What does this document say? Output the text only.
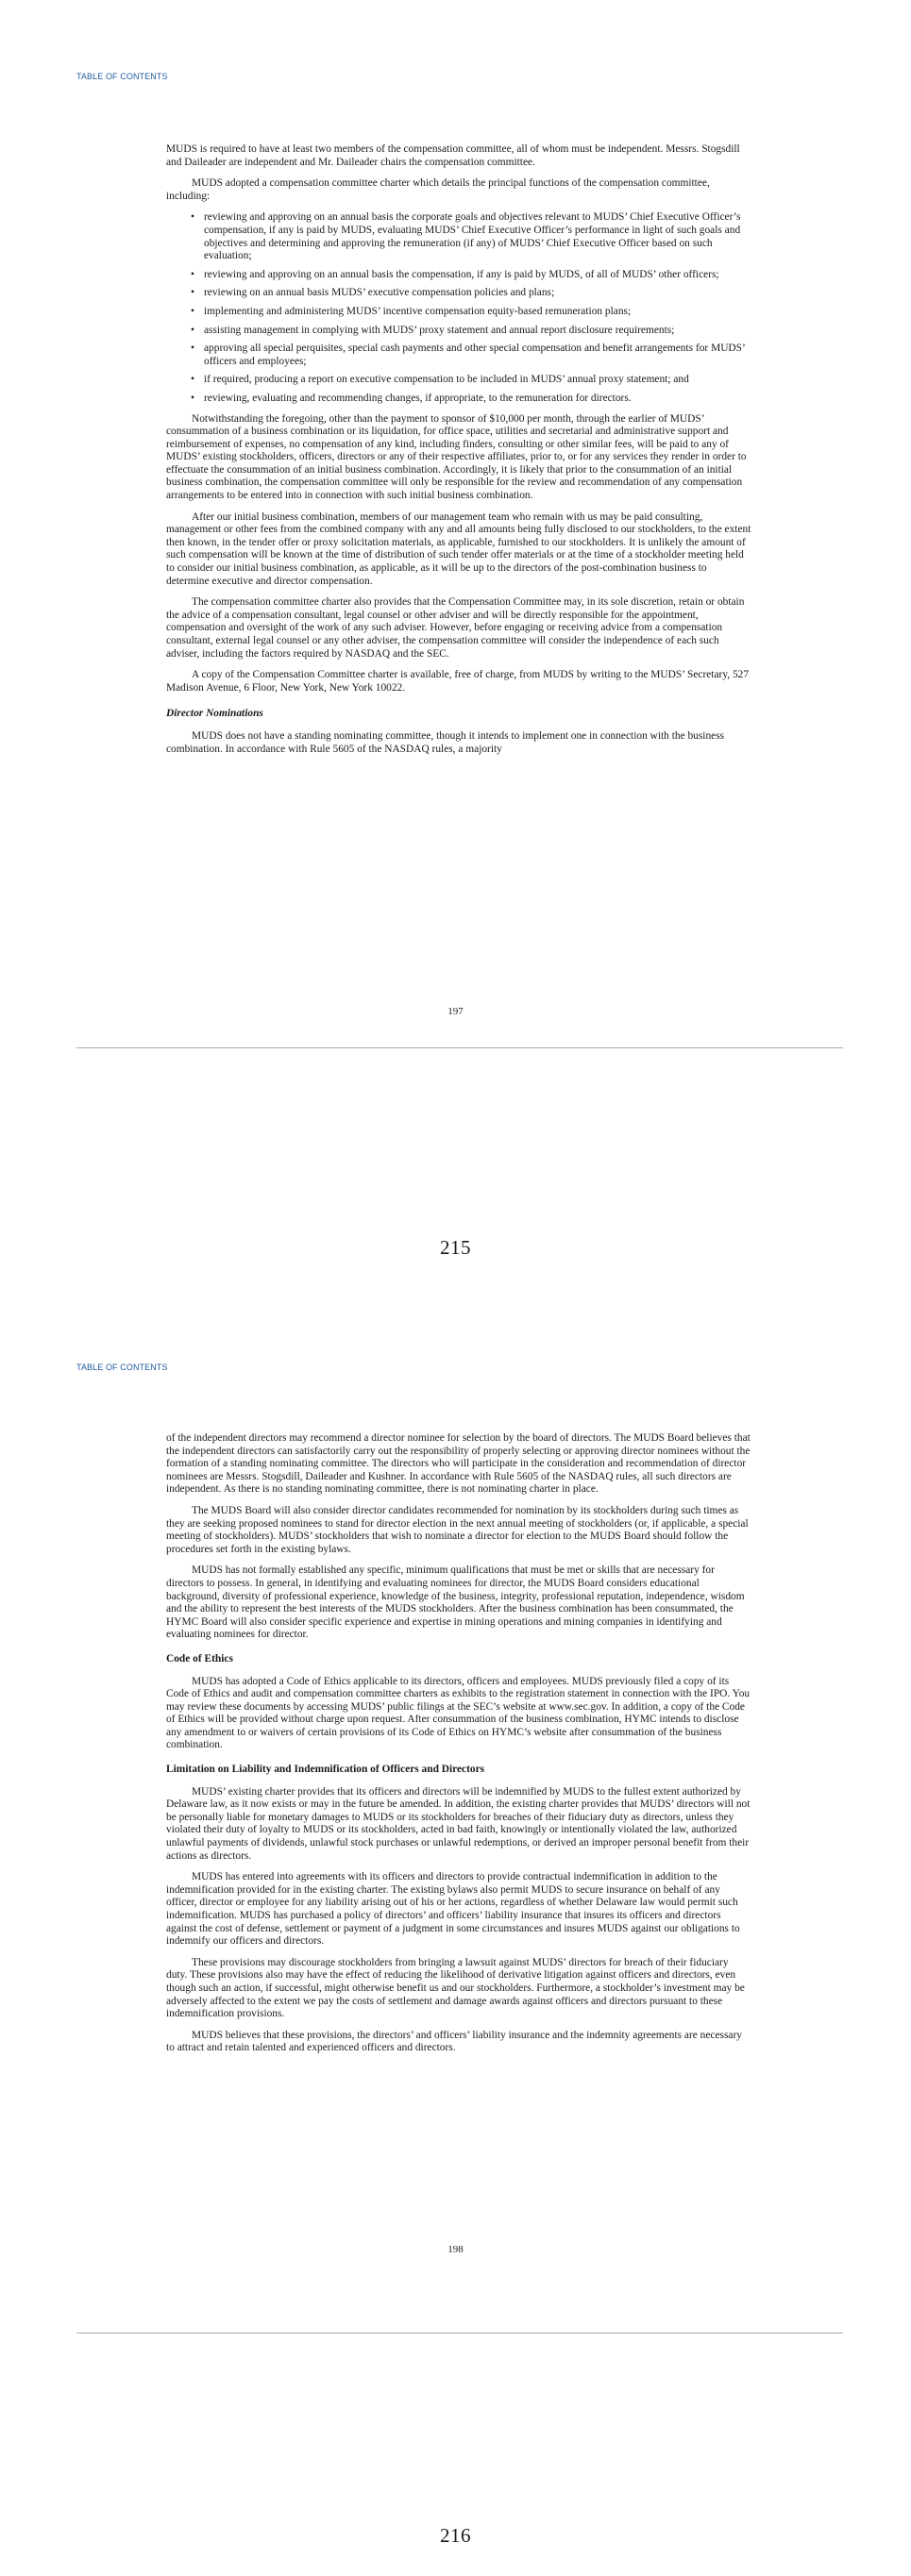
TABLE OF CONTENTS

MUDS is required to have at least two members of the compensation committee, all of whom must be independent. Messrs. Stogsdill and Daileader are independent and Mr. Daileader chairs the compensation committee.

MUDS adopted a compensation committee charter which details the principal functions of the compensation committee, including:

• reviewing and approving on an annual basis the corporate goals and objectives relevant to MUDS’ Chief Executive Officer’s compensation, if any is paid by MUDS, evaluating MUDS’ Chief Executive Officer’s performance in light of such goals and objectives and determining and approving the remuneration (if any) of MUDS’ Chief Executive Officer based on such evaluation;
• reviewing and approving on an annual basis the compensation, if any is paid by MUDS, of all of MUDS’ other officers;
• reviewing on an annual basis MUDS’ executive compensation policies and plans;
• implementing and administering MUDS’ incentive compensation equity-based remuneration plans;
• assisting management in complying with MUDS’ proxy statement and annual report disclosure requirements;
• approving all special perquisites, special cash payments and other special compensation and benefit arrangements for MUDS’ officers and employees;
• if required, producing a report on executive compensation to be included in MUDS’ annual proxy statement; and
• reviewing, evaluating and recommending changes, if appropriate, to the remuneration for directors.

Notwithstanding the foregoing, other than the payment to sponsor of $10,000 per month, through the earlier of MUDS’ consummation of a business combination or its liquidation, for office space, utilities and secretarial and administrative support and reimbursement of expenses, no compensation of any kind, including finders, consulting or other similar fees, will be paid to any of MUDS’ existing stockholders, officers, directors or any of their respective affiliates, prior to, or for any services they render in order to effectuate the consummation of an initial business combination. Accordingly, it is likely that prior to the consummation of an initial business combination, the compensation committee will only be responsible for the review and recommendation of any compensation arrangements to be entered into in connection with such initial business combination.

After our initial business combination, members of our management team who remain with us may be paid consulting, management or other fees from the combined company with any and all amounts being fully disclosed to our stockholders, to the extent then known, in the tender offer or proxy solicitation materials, as applicable, furnished to our stockholders. It is unlikely the amount of such compensation will be known at the time of distribution of such tender offer materials or at the time of a stockholder meeting held to consider our initial business combination, as applicable, as it will be up to the directors of the post-combination business to determine executive and director compensation.

The compensation committee charter also provides that the Compensation Committee may, in its sole discretion, retain or obtain the advice of a compensation consultant, legal counsel or other adviser and will be directly responsible for the appointment, compensation and oversight of the work of any such adviser. However, before engaging or receiving advice from a compensation consultant, external legal counsel or any other adviser, the compensation committee will consider the independence of each such adviser, including the factors required by NASDAQ and the SEC.

A copy of the Compensation Committee charter is available, free of charge, from MUDS by writing to the MUDS’ Secretary, 527 Madison Avenue, 6 Floor, New York, New York 10022.

Director Nominations

MUDS does not have a standing nominating committee, though it intends to implement one in connection with the business combination. In accordance with Rule 5605 of the NASDAQ rules, a majority

197
215
TABLE OF CONTENTS

of the independent directors may recommend a director nominee for selection by the board of directors. The MUDS Board believes that the independent directors can satisfactorily carry out the responsibility of properly selecting or approving director nominees without the formation of a standing nominating committee. The directors who will participate in the consideration and recommendation of director nominees are Messrs. Stogsdill, Daileader and Kushner. In accordance with Rule 5605 of the NASDAQ rules, all such directors are independent. As there is no standing nominating committee, there is not nominating charter in place.

The MUDS Board will also consider director candidates recommended for nomination by its stockholders during such times as they are seeking proposed nominees to stand for director election in the next annual meeting of stockholders (or, if applicable, a special meeting of stockholders). MUDS’ stockholders that wish to nominate a director for election to the MUDS Board should follow the procedures set forth in the existing bylaws.

MUDS has not formally established any specific, minimum qualifications that must be met or skills that are necessary for directors to possess. In general, in identifying and evaluating nominees for director, the MUDS Board considers educational background, diversity of professional experience, knowledge of the business, integrity, professional reputation, independence, wisdom and the ability to represent the best interests of the MUDS stockholders. After the business combination has been consummated, the HYMC Board will also consider specific experience and expertise in mining operations and mining companies in identifying and evaluating nominees for director.

Code of Ethics

MUDS has adopted a Code of Ethics applicable to its directors, officers and employees. MUDS previously filed a copy of its Code of Ethics and audit and compensation committee charters as exhibits to the registration statement in connection with the IPO. You may review these documents by accessing MUDS’ public filings at the SEC’s website at www.sec.gov. In addition, a copy of the Code of Ethics will be provided without charge upon request. After consummation of the business combination, HYMC intends to disclose any amendment to or waivers of certain provisions of its Code of Ethics on HYMC’s website after consummation of the business combination.

Limitation on Liability and Indemnification of Officers and Directors

MUDS’ existing charter provides that its officers and directors will be indemnified by MUDS to the fullest extent authorized by Delaware law, as it now exists or may in the future be amended. In addition, the existing charter provides that MUDS’ directors will not be personally liable for monetary damages to MUDS or its stockholders for breaches of their fiduciary duty as directors, unless they violated their duty of loyalty to MUDS or its stockholders, acted in bad faith, knowingly or intentionally violated the law, authorized unlawful payments of dividends, unlawful stock purchases or unlawful redemptions, or derived an improper personal benefit from their actions as directors.

MUDS has entered into agreements with its officers and directors to provide contractual indemnification in addition to the indemnification provided for in the existing charter. The existing bylaws also permit MUDS to secure insurance on behalf of any officer, director or employee for any liability arising out of his or her actions, regardless of whether Delaware law would permit such indemnification. MUDS has purchased a policy of directors’ and officers’ liability insurance that insures its officers and directors against the cost of defense, settlement or payment of a judgment in some circumstances and insures MUDS against our obligations to indemnify our officers and directors.

These provisions may discourage stockholders from bringing a lawsuit against MUDS’ directors for breach of their fiduciary duty. These provisions also may have the effect of reducing the likelihood of derivative litigation against officers and directors, even though such an action, if successful, might otherwise benefit us and our stockholders. Furthermore, a stockholder’s investment may be adversely affected to the extent we pay the costs of settlement and damage awards against officers and directors pursuant to these indemnification provisions.

MUDS believes that these provisions, the directors’ and officers’ liability insurance and the indemnity agreements are necessary to attract and retain talented and experienced officers and directors.

198
216
